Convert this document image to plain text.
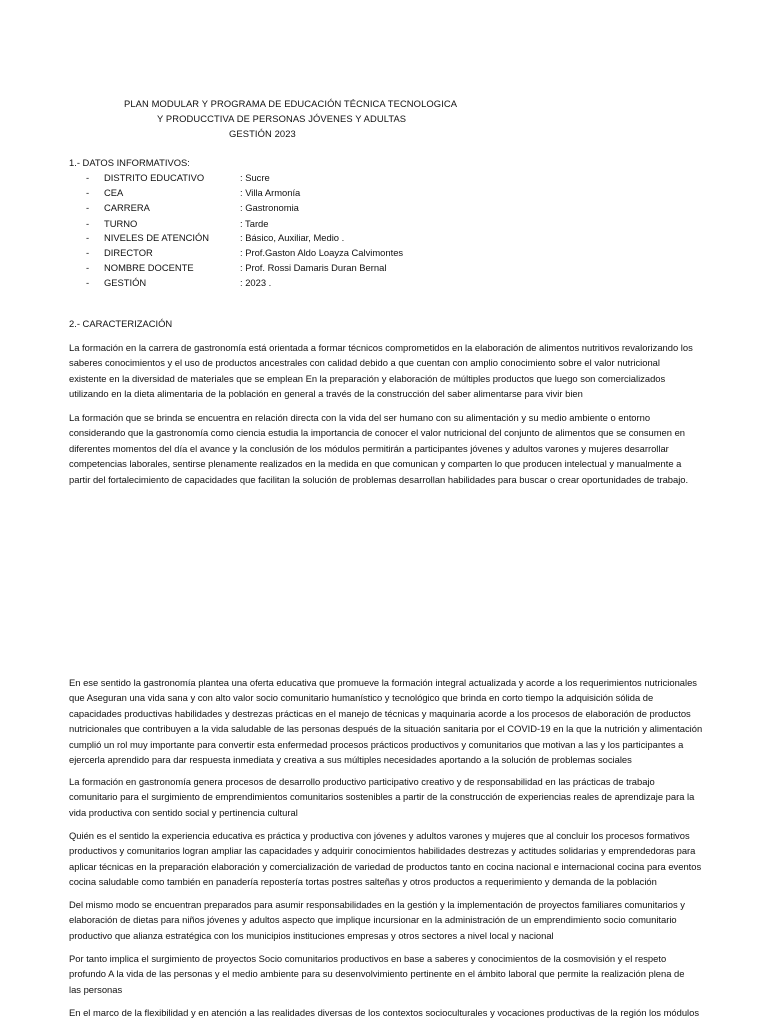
PLAN MODULAR Y PROGRAMA DE EDUCACIÓN TÉCNICA TECNOLOGICA
Y PRODUCCTIVA DE PERSONAS JÓVENES Y ADULTAS
GESTIÓN 2023
1.- DATOS INFORMATIVOS:
- DISTRITO EDUCATIVO	: Sucre
- CEA	: Villa Armonía
- CARRERA	: Gastronomia
- TURNO	: Tarde
- NIVELES DE ATENCIÓN	: Básico, Auxiliar, Medio .
- DIRECTOR	: Prof.Gaston Aldo Loayza Calvimontes
- NOMBRE DOCENTE	: Prof. Rossi Damaris Duran Bernal
- GESTIÓN	: 2023 .
2.- CARACTERIZACIÓN
La formación en la carrera de gastronomía está orientada a formar técnicos comprometidos en la elaboración de alimentos nutritivos revalorizando los
saberes conocimientos y el uso de productos ancestrales con calidad debido a que cuentan con amplio conocimiento sobre el valor nutricional
existente en la diversidad de materiales que se emplean En la preparación y elaboración de múltiples productos que luego son comercializados
utilizando en la dieta alimentaria de la población en general a través de la construcción del saber alimentarse para vivir bien
La formación que se brinda se encuentra en relación directa con la vida del ser humano con su alimentación y su medio ambiente o entorno
considerando que la gastronomía como ciencia estudia la importancia de conocer el valor nutricional del conjunto de alimentos que se consumen en
diferentes momentos del día el avance y la conclusión de los módulos permitirán a participantes jóvenes y adultos varones y mujeres desarrollar
competencias laborales, sentirse plenamente realizados en la medida en que comunican y comparten lo que producen intelectual y manualmente a
partir del fortalecimiento de capacidades que facilitan la solución de problemas desarrollan habilidades para buscar o crear oportunidades de trabajo.
En ese sentido la gastronomía plantea una oferta educativa que promueve la formación integral actualizada y acorde a los requerimientos nutricionales
que Aseguran una vida sana y con alto valor socio comunitario humanístico y tecnológico que brinda en corto tiempo la adquisición sólida de
capacidades productivas habilidades y destrezas prácticas en el manejo de técnicas y maquinaria acorde a los procesos de elaboración de productos
nutricionales que contribuyen a la vida saludable de las personas después de la situación sanitaria por el COVID-19 en la que la nutrición y alimentación
cumplió un rol muy importante para convertir esta enfermedad procesos prácticos productivos y comunitarios que motivan a las y los participantes a
ejercerla aprendido para dar respuesta inmediata y creativa a sus múltiples necesidades aportando a la solución de problemas sociales
La formación en gastronomía genera procesos de desarrollo productivo participativo creativo y de responsabilidad en las prácticas de trabajo
comunitario para el surgimiento de emprendimientos comunitarios sostenibles a partir de la construcción de experiencias reales de aprendizaje para la
vida productiva con sentido social y pertinencia cultural
Quién es el sentido la experiencia educativa es práctica y productiva con jóvenes y adultos varones y mujeres que al concluir los procesos formativos
productivos y comunitarios logran ampliar las capacidades y adquirir conocimientos habilidades destrezas y actitudes solidarias y emprendedoras para
aplicar técnicas en la preparación elaboración y comercialización de variedad de productos tanto en cocina nacional e internacional cocina para eventos
cocina saludable como también en panadería repostería tortas postres salteñas y otros productos a requerimiento y demanda de la población
Del mismo modo se encuentran preparados para asumir responsabilidades en la gestión y la implementación de proyectos familiares comunitarios y
elaboración de dietas para niños jóvenes y adultos aspecto que implique incursionar en la administración de un emprendimiento socio comunitario
productivo que alianza estratégica con los municipios instituciones empresas y otros sectores a nivel local y nacional
Por tanto implica el surgimiento de proyectos Socio comunitarios productivos en base a saberes y conocimientos de la cosmovisión y el respeto
profundo A la vida de las personas y el medio ambiente para su desenvolvimiento pertinente en el ámbito laboral que permite la realización plena de
las personas
En el marco de la flexibilidad y en atención a las realidades diversas de los contextos socioculturales y vocaciones productivas de la región los módulos
